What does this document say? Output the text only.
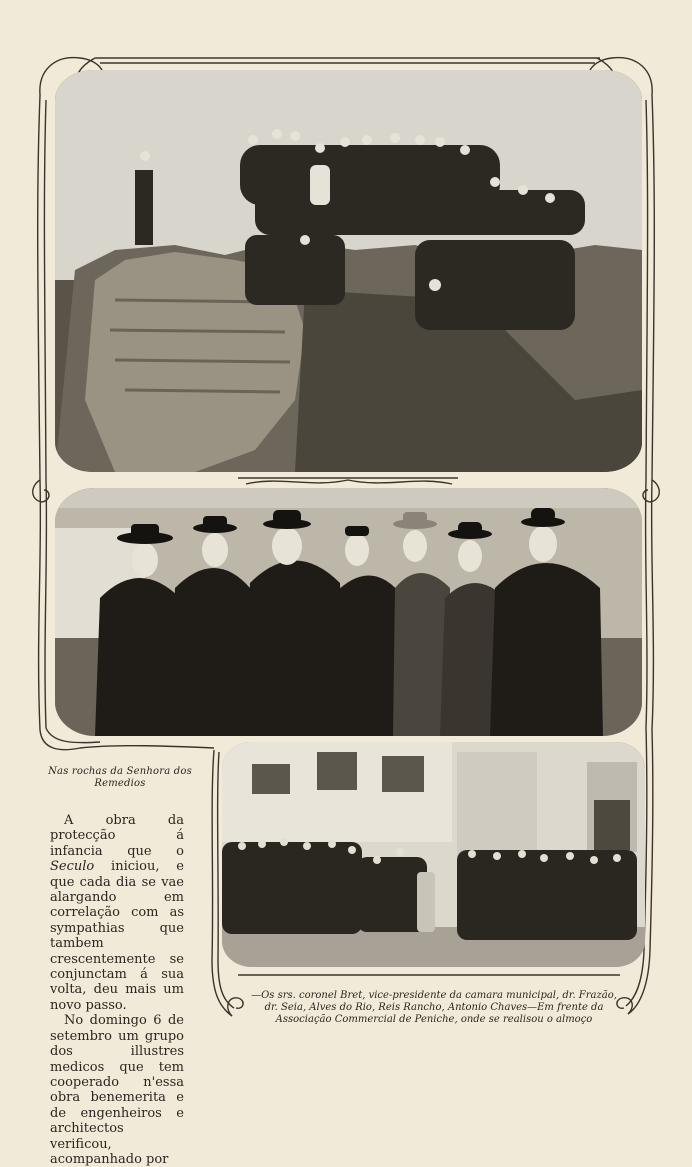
Nas rochas da Senhora dos Remedios

A obra da protecção á infancia que o Seculo iniciou, e que cada dia se vae alargando em correlação com as sympathias que tambem crescentemente se conjunctam á sua volta, deu mais um novo passo.

No domingo 6 de setembro um grupo dos illustres medicos que tem cooperado n'essa obra benemerita e de engenheiros e architectos verificou, acompanhado por

—Os srs. coronel Bret, vice-presidente da camara municipal, dr. Frazão, dr. Seia, Alves do Rio, Reis Rancho, Antonio Chaves—Em frente da Associação Commercial de Peniche, onde se realisou o almoço
